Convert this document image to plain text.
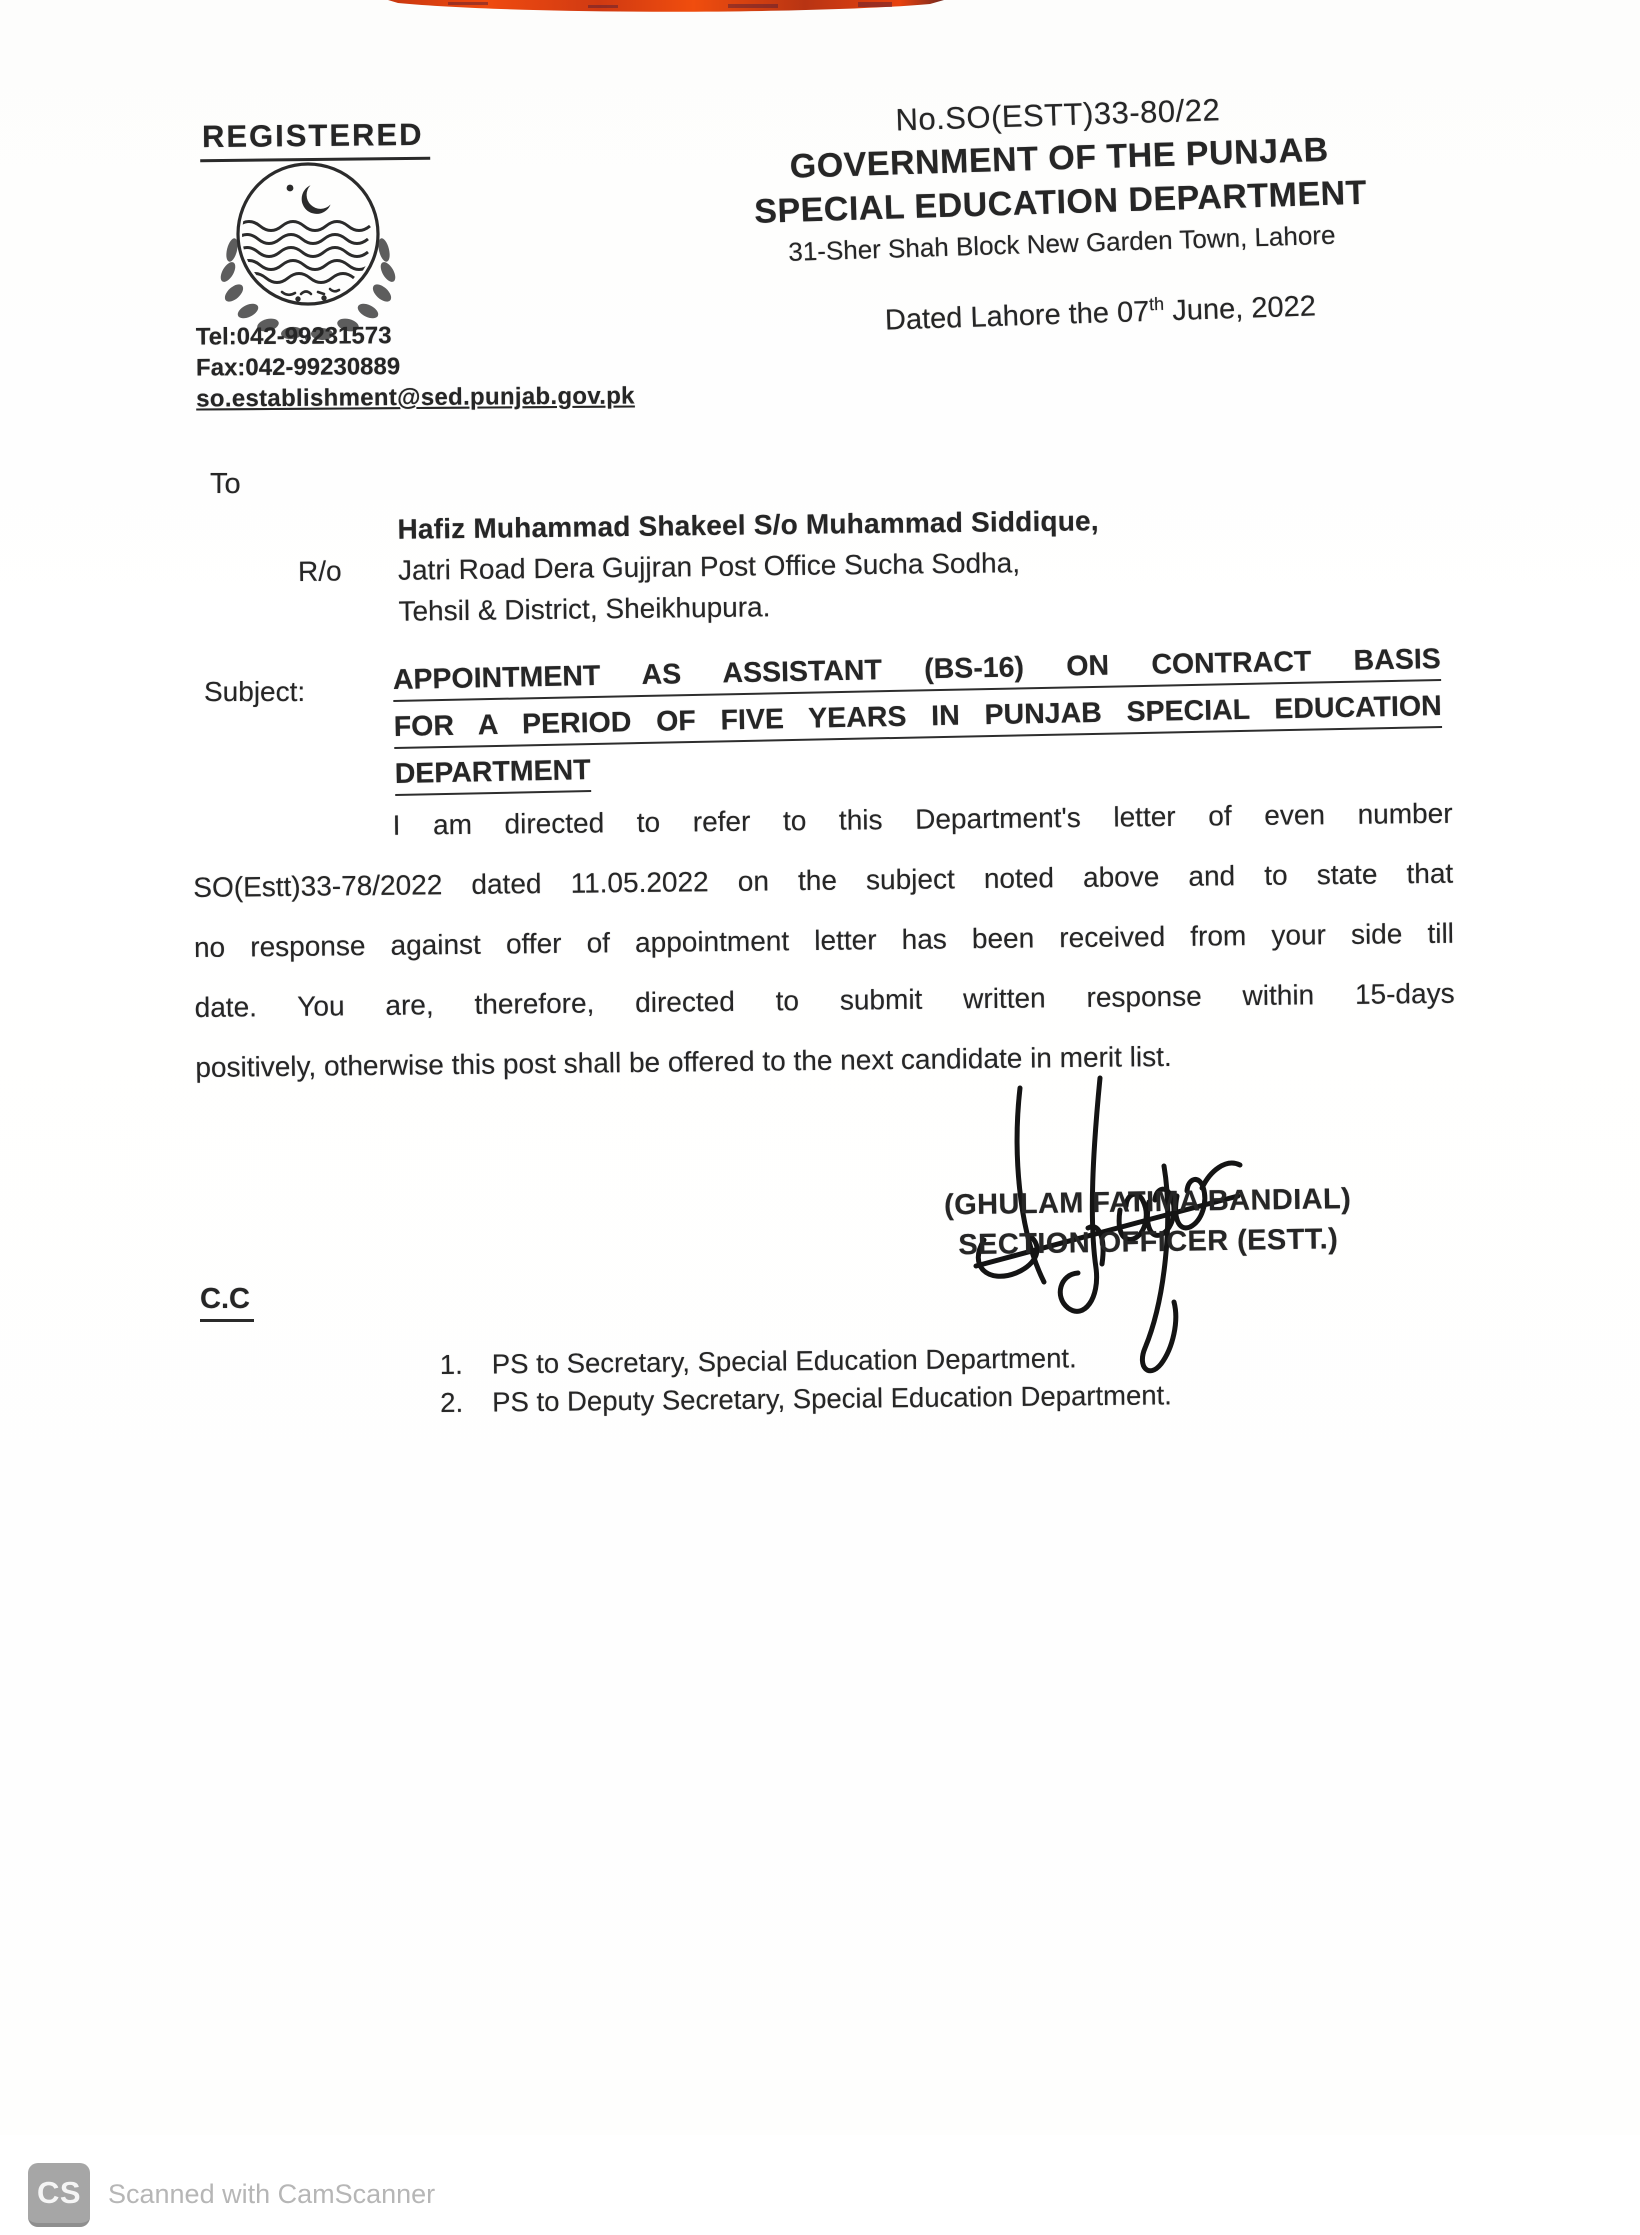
REGISTERED
Tel:042-99231573
Fax:042-99230889
so.establishment@sed.punjab.gov.pk
No.SO(ESTT)33-80/22
GOVERNMENT OF THE PUNJAB
SPECIAL EDUCATION DEPARTMENT
31-Sher Shah Block New Garden Town, Lahore
Dated Lahore the 07th June, 2022
To
Hafiz Muhammad Shakeel S/o Muhammad Siddique,
R/o	Jatri Road Dera Gujjran Post Office Sucha Sodha,
Tehsil & District, Sheikhupura.
Subject:	APPOINTMENT AS ASSISTANT (BS-16) ON CONTRACT BASIS
FOR A PERIOD OF FIVE YEARS IN PUNJAB SPECIAL EDUCATION
DEPARTMENT
I am directed to refer to this Department's letter of even number
SO(Estt)33-78/2022 dated 11.05.2022 on the subject noted above and to state that
no response against offer of appointment letter has been received from your side till
date. You are, therefore, directed to submit written response within 15-days
positively, otherwise this post shall be offered to the next candidate in merit list.
(GHULAM FATIMA BANDIAL)
SECTION OFFICER (ESTT.)
C.C
1.	PS to Secretary, Special Education Department.
2.	PS to Deputy Secretary, Special Education Department.
CS Scanned with CamScanner
